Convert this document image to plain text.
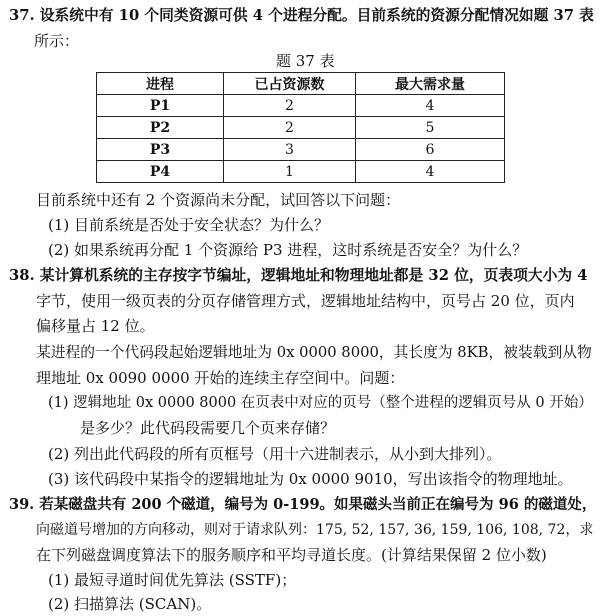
37. 设系统中有 10 个同类资源可供 4 个进程分配。目前系统的资源分配情况如题 37 表
所示：
题 37 表
进程	已占资源数	最大需求量
P1	2	4
P2	2	5
P3	3	6
P4	1	4
目前系统中还有 2 个资源尚未分配，试回答以下问题：
(1) 目前系统是否处于安全状态？为什么？
(2) 如果系统再分配 1 个资源给 P3 进程，这时系统是否安全？为什么？
38. 某计算机系统的主存按字节编址，逻辑地址和物理地址都是 32 位，页表项大小为 4
字节，使用一级页表的分页存储管理方式，逻辑地址结构中，页号占 20 位，页内
偏移量占 12 位。
某进程的一个代码段起始逻辑地址为 0x 0000 8000，其长度为 8KB，被装载到从物
理地址 0x 0090 0000 开始的连续主存空间中。问题：
(1) 逻辑地址 0x 0000 8000 在页表中对应的页号（整个进程的逻辑页号从 0 开始）
是多少？此代码段需要几个页来存储？
(2) 列出此代码段的所有页框号（用十六进制表示，从小到大排列）。
(3) 该代码段中某指令的逻辑地址为 0x 0000 9010，写出该指令的物理地址。
39. 若某磁盘共有 200 个磁道，编号为 0-199。如果磁头当前正在编号为 96 的磁道处，
向磁道号增加的方向移动，则对于请求队列：175, 52, 157, 36, 159, 106, 108, 72，求
在下列磁盘调度算法下的服务顺序和平均寻道长度。(计算结果保留 2 位小数)
(1) 最短寻道时间优先算法 (SSTF)；
(2) 扫描算法 (SCAN)。
